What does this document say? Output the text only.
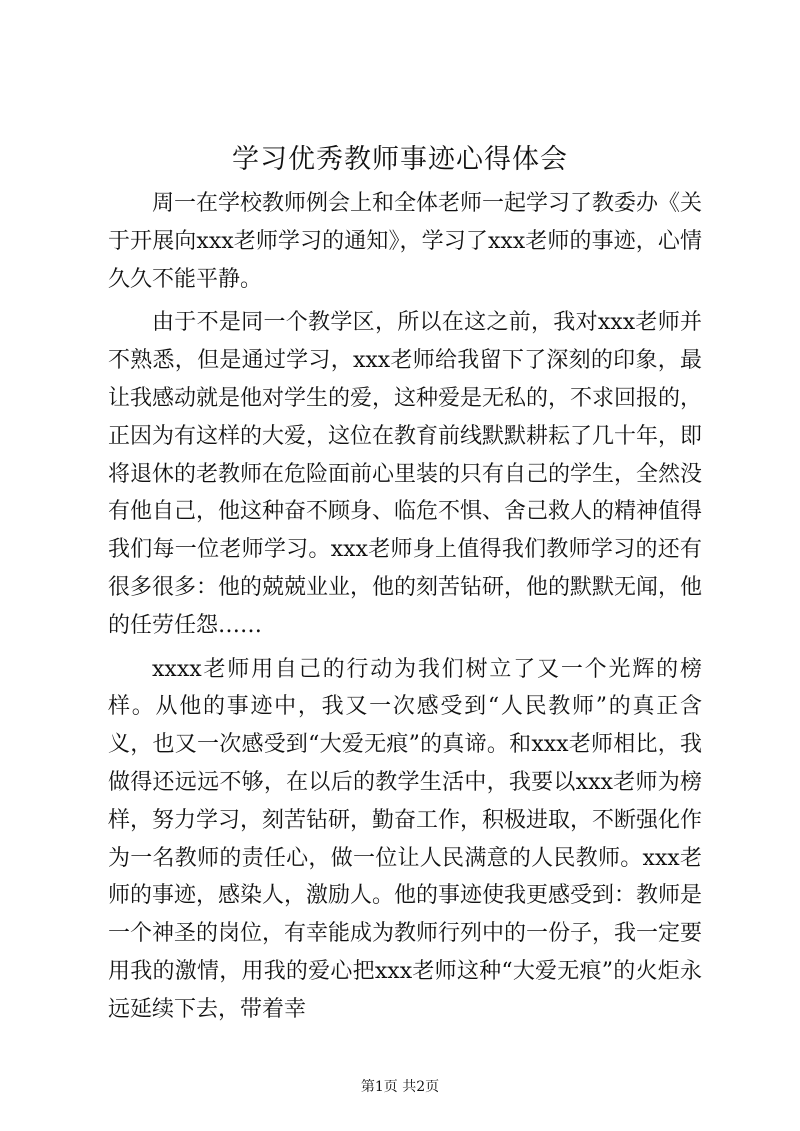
学习优秀教师事迹心得体会

周一在学校教师例会上和全体老师一起学习了教委办《关于开展向xxx老师学习的通知》，学习了xxx老师的事迹，心情久久不能平静。

由于不是同一个教学区，所以在这之前，我对xxx老师并不熟悉，但是通过学习，xxx老师给我留下了深刻的印象，最让我感动就是他对学生的爱，这种爱是无私的，不求回报的，正因为有这样的大爱，这位在教育前线默默耕耘了几十年，即将退休的老教师在危险面前心里装的只有自己的学生，全然没有他自己，他这种奋不顾身、临危不惧、舍己救人的精神值得我们每一位老师学习。xxx老师身上值得我们教师学习的还有很多很多：他的兢兢业业，他的刻苦钻研，他的默默无闻，他的任劳任怨……

xxxx老师用自己的行动为我们树立了又一个光辉的榜样。从他的事迹中，我又一次感受到“人民教师”的真正含义，也又一次感受到“大爱无痕”的真谛。和xxx老师相比，我做得还远远不够，在以后的教学生活中，我要以xxx老师为榜样，努力学习，刻苦钻研，勤奋工作，积极进取，不断强化作为一名教师的责任心，做一位让人民满意的人民教师。xxx老师的事迹，感染人，激励人。他的事迹使我更感受到：教师是一个神圣的岗位，有幸能成为教师行列中的一份子，我一定要用我的激情，用我的爱心把xxx老师这种“大爱无痕”的火炬永远延续下去，带着幸

第1页 共2页
